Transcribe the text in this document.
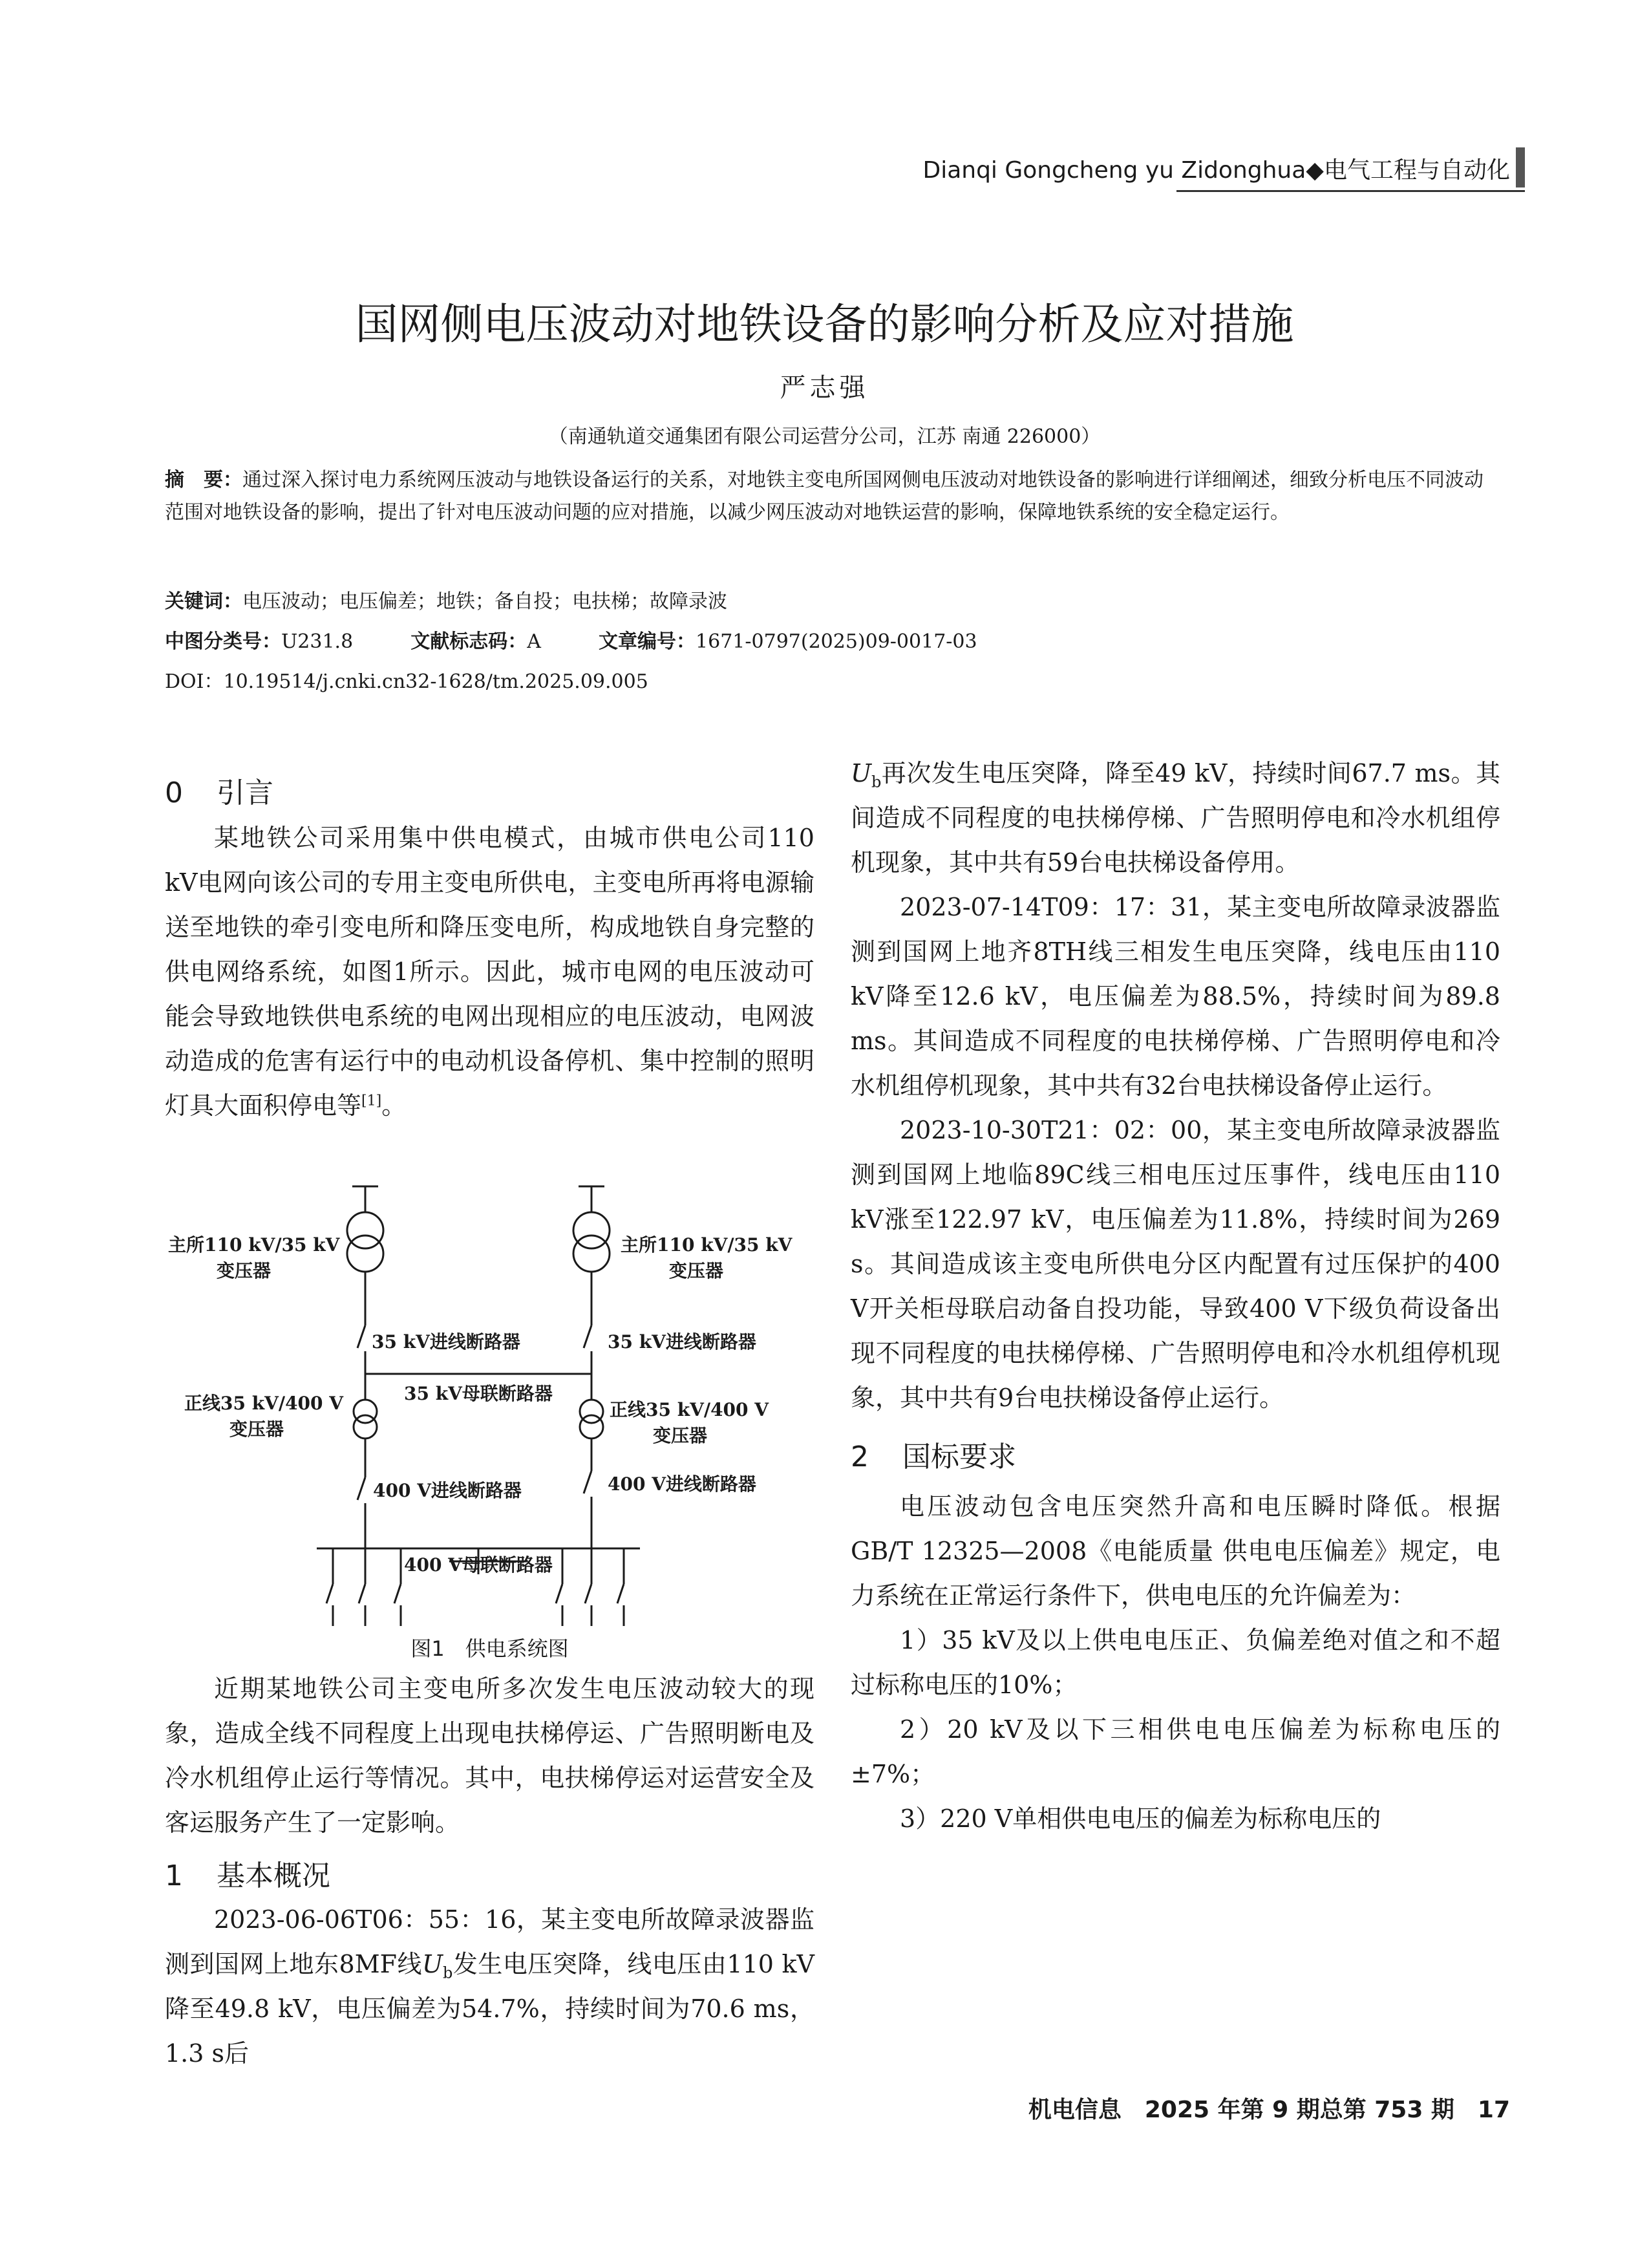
Dianqi Gongcheng yu Zidonghua◆电气工程与自动化
国网侧电压波动对地铁设备的影响分析及应对措施
严志强
（南通轨道交通集团有限公司运营分公司，江苏 南通 226000）
摘　要：通过深入探讨电力系统网压波动与地铁设备运行的关系，对地铁主变电所国网侧电压波动对地铁设备的影响进行详细阐述，细致分析电压不同波动范围对地铁设备的影响，提出了针对电压波动问题的应对措施，以减少网压波动对地铁运营的影响，保障地铁系统的安全稳定运行。
关键词：电压波动；电压偏差；地铁；备自投；电扶梯；故障录波
中图分类号：U231.8	文献标志码：A	文章编号：1671-0797(2025)09-0017-03
DOI：10.19514/j.cnki.cn32-1628/tm.2025.09.005
0 引言

某地铁公司采用集中供电模式，由城市供电公司110 kV电网向该公司的专用主变电所供电，主变电所再将电源输送至地铁的牵引变电所和降压变电所，构成地铁自身完整的供电网络系统，如图1所示。因此，城市电网的电压波动可能会导致地铁供电系统的电网出现相应的电压波动，电网波动造成的危害有运行中的电动机设备停机、集中控制的照明灯具大面积停电等[1]。

主所110 kV/35 kV
变压器
主所110 kV/35 kV
变压器
35 kV进线断路器	35 kV进线断路器
35 kV母联断路器
正线35 kV/400 V
变压器
正线35 kV/400 V
变压器
400 V进线断路器	400 V进线断路器
400 V母联断路器
图1　供电系统图

近期某地铁公司主变电所多次发生电压波动较大的现象，造成全线不同程度上出现电扶梯停运、广告照明断电及冷水机组停止运行等情况。其中，电扶梯停运对运营安全及客运服务产生了一定影响。

1 基本概况

2023-06-06T06：55：16，某主变电所故障录波器监测到国网上地东8MF线$U_b$发生电压突降，线电压由110 kV降至49.8 kV，电压偏差为54.7%，持续时间为70.6 ms，1.3 s后

$U_b$再次发生电压突降，降至49 kV，持续时间67.7 ms。其间造成不同程度的电扶梯停梯、广告照明停电和冷水机组停机现象，其中共有59台电扶梯设备停用。

2023-07-14T09：17：31，某主变电所故障录波器监测到国网上地齐8TH线三相发生电压突降，线电压由110 kV降至12.6 kV，电压偏差为88.5%，持续时间为89.8 ms。其间造成不同程度的电扶梯停梯、广告照明停电和冷水机组停机现象，其中共有32台电扶梯设备停止运行。

2023-10-30T21：02：00，某主变电所故障录波器监测到国网上地临89C线三相电压过压事件，线电压由110 kV涨至122.97 kV，电压偏差为11.8%，持续时间为269 s。其间造成该主变电所供电分区内配置有过压保护的400 V开关柜母联启动备自投功能，导致400 V下级负荷设备出现不同程度的电扶梯停梯、广告照明停电和冷水机组停机现象，其中共有9台电扶梯设备停止运行。

2 国标要求

电压波动包含电压突然升高和电压瞬时降低。根据GB/T 12325—2008《电能质量 供电电压偏差》规定，电力系统在正常运行条件下，供电电压的允许偏差为：

1）35 kV及以上供电电压正、负偏差绝对值之和不超过标称电压的10%；

2）20 kV及以下三相供电电压偏差为标称电压的±7%；

3）220 V单相供电电压的偏差为标称电压的

机电信息　2025 年第 9 期总第 753 期　17
